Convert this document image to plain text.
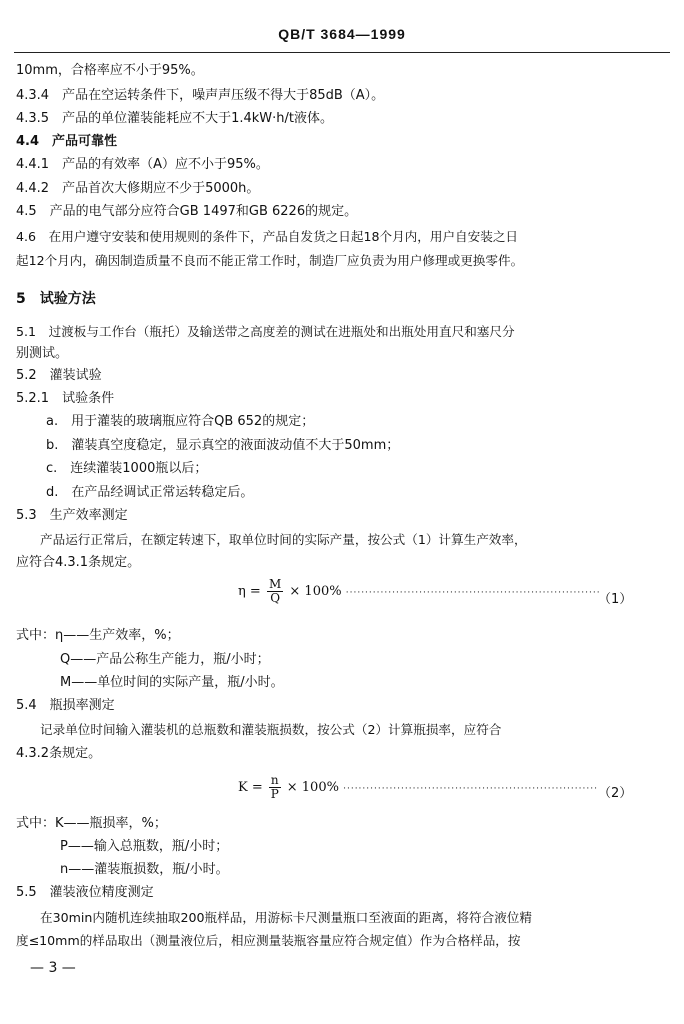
QB/T 3684—1999
10mm，合格率应不小于95%。
4.3.4　产品在空运转条件下，噪声声压级不得大于85dB（A）。
4.3.5　产品的单位灌装能耗应不大于1.4kW·h/t液体。
4.4　产品可靠性
4.4.1　产品的有效率（A）应不小于95%。
4.4.2　产品首次大修期应不少于5000h。
4.5　产品的电气部分应符合GB 1497和GB 6226的规定。
4.6　在用户遵守安装和使用规则的条件下，产品自发货之日起18个月内，用户自安装之日
起12个月内，确因制造质量不良而不能正常工作时，制造厂应负责为用户修理或更换零件。
5　试验方法
5.1　过渡板与工作台（瓶托）及输送带之高度差的测试在进瓶处和出瓶处用直尺和塞尺分
别测试。
5.2　灌装试验
5.2.1　试验条件
a.　用于灌装的玻璃瓶应符合QB 652的规定；
b.　灌装真空度稳定，显示真空的液面波动值不大于50mm；
c.　连续灌装1000瓶以后；
d.　在产品经调试正常运转稳定后。
5.3　生产效率测定
产品运行正常后，在额定转速下，取单位时间的实际产量，按公式（1）计算生产效率，
应符合4.3.1条规定。
$\eta = \frac{M}{Q} \times 100\%$ ··································································
（1）
式中：η——生产效率，%；
Q——产品公称生产能力，瓶/小时；
M——单位时间的实际产量，瓶/小时。
5.4　瓶损率测定
记录单位时间输入灌装机的总瓶数和灌装瓶损数，按公式（2）计算瓶损率，应符合
4.3.2条规定。
$K = \frac{n}{P} \times 100\%$ ·································································· （2）
式中：K——瓶损率，%；
P——输入总瓶数，瓶/小时；
n——灌装瓶损数，瓶/小时。
5.5　灌装液位精度测定
在30min内随机连续抽取200瓶样品，用游标卡尺测量瓶口至液面的距离，将符合液位精
度≤10mm的样品取出（测量液位后，相应测量装瓶容量应符合规定值）作为合格样品，按
— 3 —
